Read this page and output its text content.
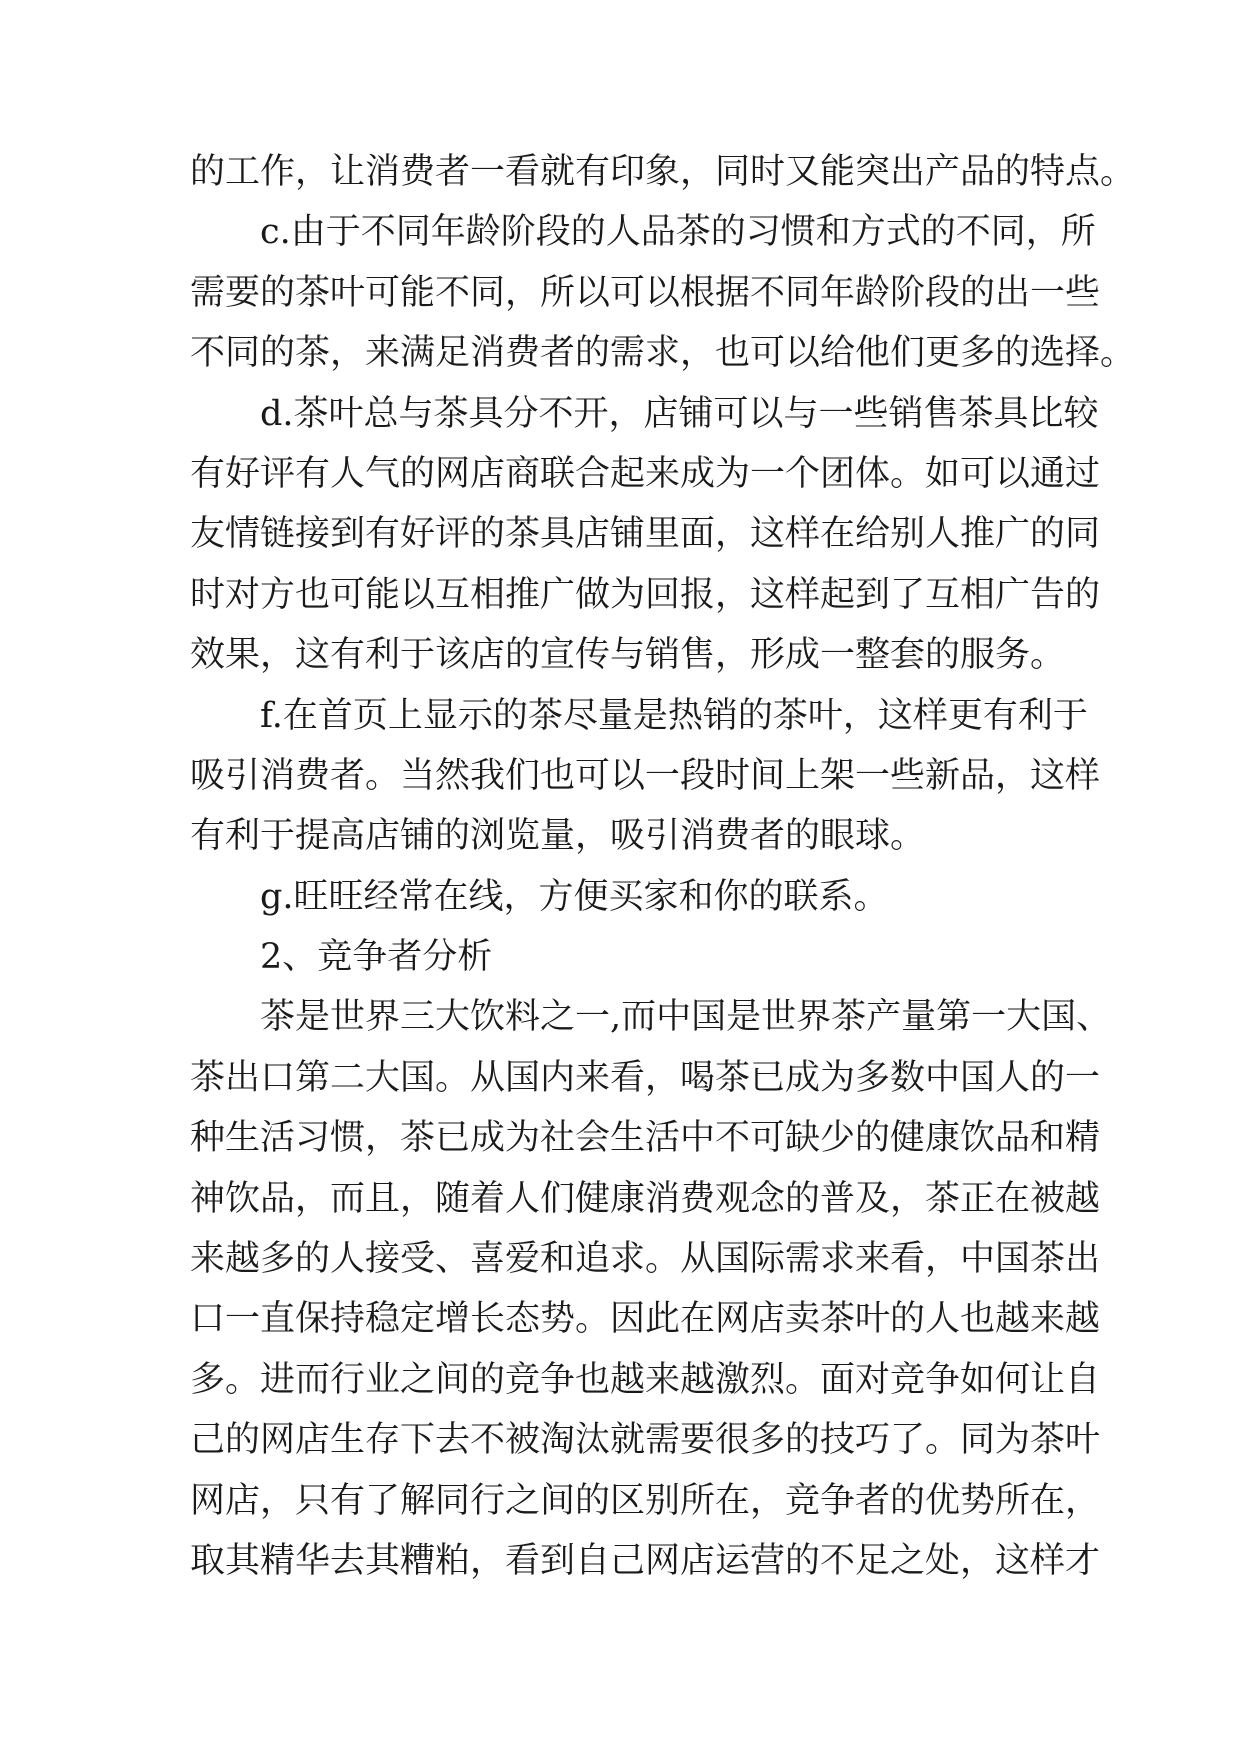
的工作，让消费者一看就有印象，同时又能突出产品的特点。
c.由于不同年龄阶段的人品茶的习惯和方式的不同，所
需要的茶叶可能不同，所以可以根据不同年龄阶段的出一些
不同的茶，来满足消费者的需求，也可以给他们更多的选择。
d.茶叶总与茶具分不开，店铺可以与一些销售茶具比较
有好评有人气的网店商联合起来成为一个团体。如可以通过
友情链接到有好评的茶具店铺里面，这样在给别人推广的同
时对方也可能以互相推广做为回报，这样起到了互相广告的
效果，这有利于该店的宣传与销售，形成一整套的服务。
f.在首页上显示的茶尽量是热销的茶叶，这样更有利于
吸引消费者。当然我们也可以一段时间上架一些新品，这样
有利于提高店铺的浏览量，吸引消费者的眼球。
g.旺旺经常在线，方便买家和你的联系。
2、竞争者分析
茶是世界三大饮料之一,而中国是世界茶产量第一大国、
茶出口第二大国。从国内来看，喝茶已成为多数中国人的一
种生活习惯，茶已成为社会生活中不可缺少的健康饮品和精
神饮品，而且，随着人们健康消费观念的普及，茶正在被越
来越多的人接受、喜爱和追求。从国际需求来看，中国茶出
口一直保持稳定增长态势。因此在网店卖茶叶的人也越来越
多。进而行业之间的竞争也越来越激烈。面对竞争如何让自
己的网店生存下去不被淘汰就需要很多的技巧了。同为茶叶
网店，只有了解同行之间的区别所在，竞争者的优势所在，
取其精华去其糟粕，看到自己网店运营的不足之处，这样才
